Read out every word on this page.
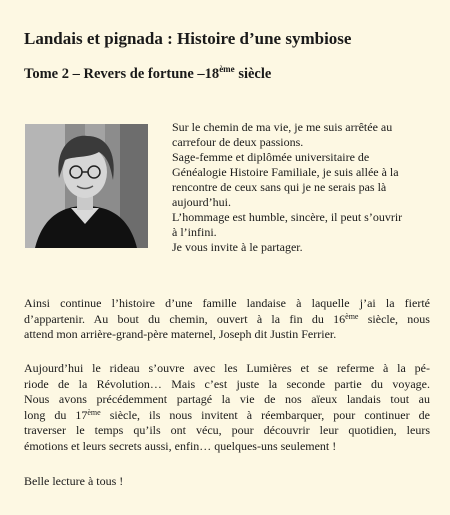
Landais et pignada : Histoire d’une symbiose
Tome 2 – Revers de fortune –18ème siècle
Sur le chemin de ma vie, je me suis arrêtée au
carrefour de deux passions.
Sage-femme et diplômée universitaire de
Généalogie Histoire Familiale, je suis allée à la
rencontre de ceux sans qui je ne serais pas là
aujourd’hui.
L’hommage est humble, sincère, il peut s’ouvrir
à l’infini.
Je vous invite à le partager.
Ainsi continue l’histoire d’une famille landaise à laquelle j’ai la fierté
d’appartenir. Au bout du chemin, ouvert à la fin du 16ème siècle, nous
attend mon arrière-grand-père maternel, Joseph dit Justin Ferrier.
Aujourd’hui le rideau s’ouvre avec les Lumières et se referme à la pé-
riode de la Révolution… Mais c’est juste la seconde partie du voyage.
Nous avons précédemment partagé la vie de nos aïeux landais tout au
long du 17ème siècle, ils nous invitent à réembarquer, pour continuer de
traverser le temps qu’ils ont vécu, pour découvrir leur quotidien, leurs
émotions et leurs secrets aussi, enfin… quelques-uns seulement !
Belle lecture à tous !
